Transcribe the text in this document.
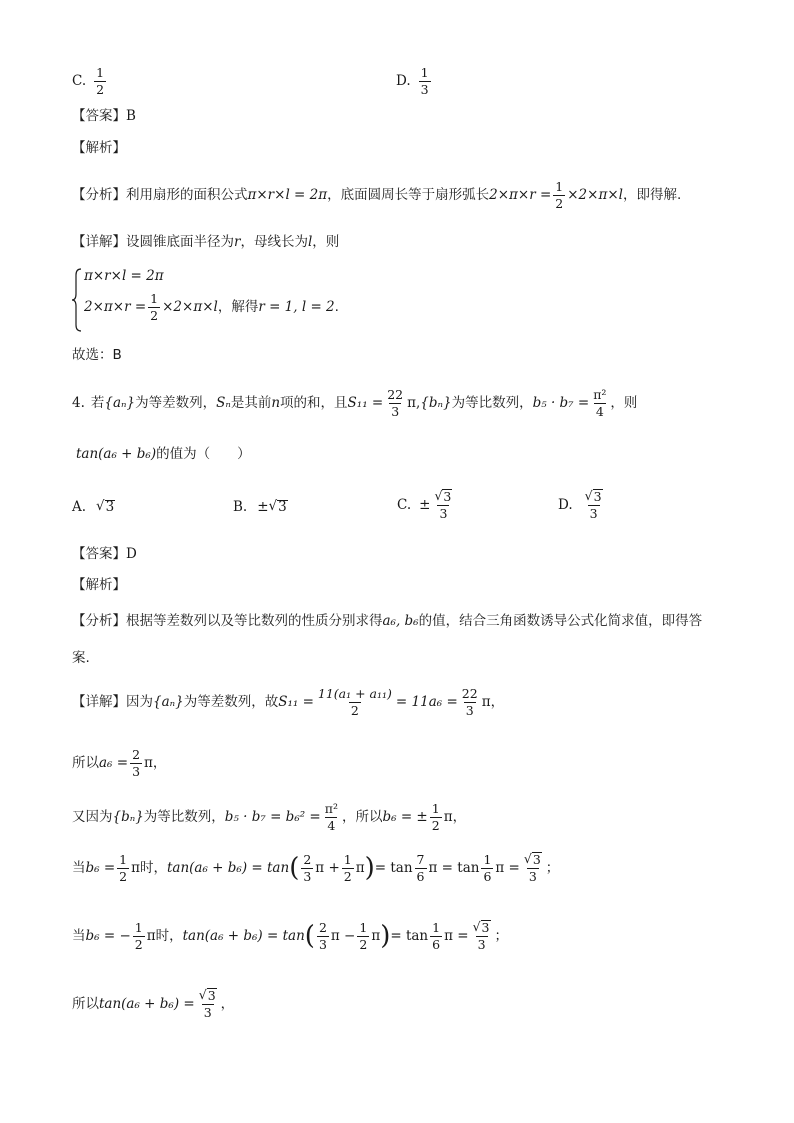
C. $\frac{1}{2}$	D. $\frac{1}{3}$
【答案】 B
【解析】
【分析】 利用扇形的面积公式 π×r×l = 2π ，底面圆周长等于扇形弧长 $2\times\pi\times r = \frac{1}{2} \times 2\times\pi\times l$ ，即得解.
【详解】 设圆锥底面半径为 r ，母线长为 l ，则
π×r×l = 2π
$2\times\pi\times r = \frac{1}{2} \times 2\times\pi\times l$ ，解得 r = 1, l = 2 .
故选：B
4. 若 {aₙ} 为等差数列， Sₙ 是其前 n 项的和，且 $S_{11} = \frac{22}{3} \pi$, {bₙ} 为等比数列， $b_5 \cdot b_7 = \frac{\text{π²}}{4}$ ，则
tan(a₆ + b₆) 的值为（　　）
A. √ 3	B. ± √ 3	C. ± $\frac{√ 3}{3}$	D. $\frac{√ 3}{3}$
【答案】 D
【解析】
【分析】 根据等差数列以及等比数列的性质分别求得 a₆, b₆ 的值，结合三角函数诱导公式化简求值，即得答
案.
【详解】 因为 {aₙ} 为等差数列，故 $S_{11} = \frac{\text{11(a₁ + a₁₁)}}{2} = 11a_6 = \frac{22}{3}$ π ，
所以 $a_6 = \frac{2}{3}$ π ，
又因为 {bₙ} 为等比数列， $b_5 \cdot b_7 = b_6^2 = \frac{\text{π²}}{4}$ ，所以 b₆ = ± $\frac{1}{2}$ π ，
当 $b_6 = \frac{1}{2}$ π 时， tan(a₆ + b₆) = tan ( $\frac{2}{3}$ $\pi + \frac{1}{2}$ π ) = $\tan \frac{7}{6}$ $\pi = \tan \frac{1}{6}$ $\pi = \frac{√ 3}{3}$ ；
当 b₆ = − $\frac{1}{2}$ π 时， tan(a₆ + b₆) = tan ( $\frac{2}{3}$ $\pi - \frac{1}{2}$ π ) = $\tan \frac{1}{6}$ $\pi = \frac{√ 3}{3}$ ；
所以 $\tan(a_6 + b_6) = \frac{√ 3}{3}$ ，
